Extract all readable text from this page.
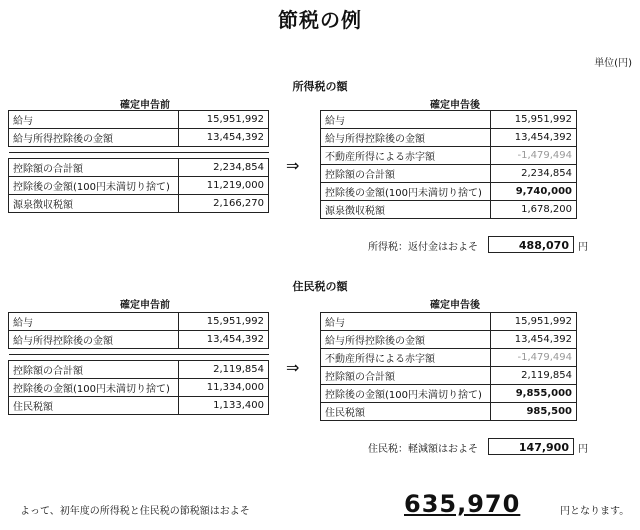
節税の例
単位(円)
所得税の額
確定申告前	確定申告後
給与	15,951,992
給与所得控除後の金額	13,454,392

控除額の合計額	2,234,854
控除後の金額(100円未満切り捨て)	11,219,000
源泉徴収税額	2,166,270
⇒
給与	15,951,992
給与所得控除後の金額	13,454,392
不動産所得による赤字額	-1,479,494
控除額の合計額	2,234,854
控除後の金額(100円未満切り捨て)	9,740,000
源泉徴収税額	1,678,200
所得税：返付金はおよそ	488,070 円
住民税の額
確定申告前	確定申告後
給与	15,951,992
給与所得控除後の金額	13,454,392

控除額の合計額	2,119,854
控除後の金額(100円未満切り捨て)	11,334,000
住民税額	1,133,400
⇒
給与	15,951,992
給与所得控除後の金額	13,454,392
不動産所得による赤字額	-1,479,494
控除額の合計額	2,119,854
控除後の金額(100円未満切り捨て)	9,855,000
住民税額	985,500
住民税：軽減額はおよそ	147,900 円
よって、初年度の所得税と住民税の節税額はおよそ	635,970	円となります。
